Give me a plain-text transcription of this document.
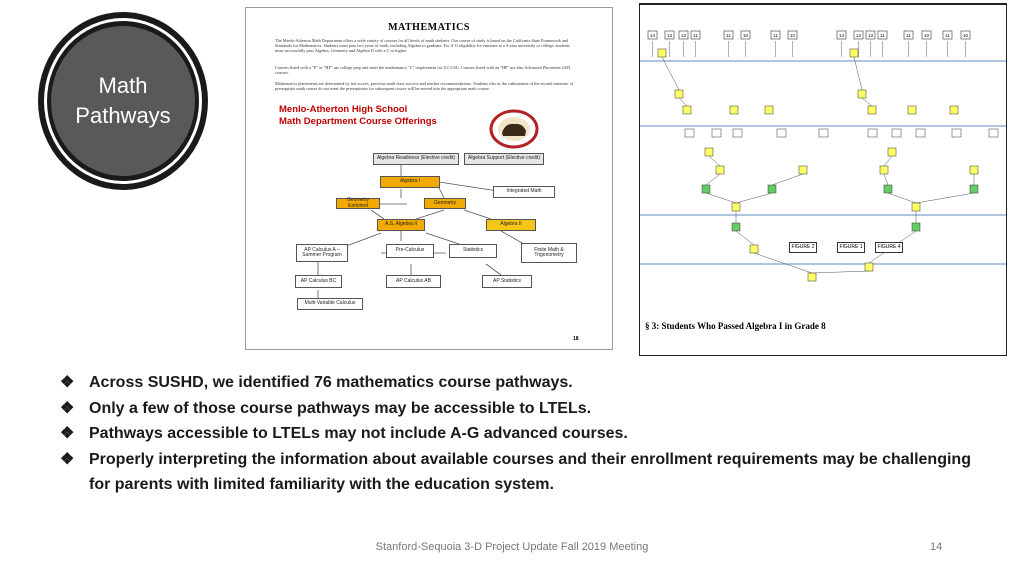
Math
Pathways
MATHEMATICS

The Menlo-Atherton Math Department offers a wide variety of courses for all levels of math students. Our course of study is based on the California State Framework and Standards for Mathematics. Students must pass two years of math, including Algebra to graduate. For A-G eligibility for entrance to a 4-year university or college, students must successfully pass Algebra, Geometry and Algebra II with a C or higher.

Courses listed with a "P" or "HP" are college prep and meet the mathematics "C" requirement for UC/CSU. Courses listed with an "HP" are also Advanced Placement (AP) courses.

Mathematics placements are determined by test scores, previous math class success and teacher recommendations. Students who at the culmination of the second semester of prerequisite math course do not meet the prerequisites for subsequent course will be moved into the appropriate math course.

Menlo-Atherton High School
Math Department Course Offerings
Algebra Readiness (Elective credit)	Algebra Support (Elective credit)
Algebra I
Integrated Math
Geometry Enriched	Geometry
A.S. Algebra II	Algebra II
AP Calculus A – Summer Program
Pre-Calculus	Statistics	Finite Math & Trigonometry
AP Calculus BC	AP Calculus AB	AP Statistics
Multi-Variable Calculus
18
14	13 13 11	11	10	11	10	14	13 13 11	11	10	11	10
FIGURE 2	FIGURE 1	FIGURE 4
§ 3: Students Who Passed Algebra I in Grade 8
❖ Across SUSHD, we identified 76 mathematics course pathways.
❖ Only a few of those course pathways may be accessible to LTELs.
❖ Pathways accessible to LTELs may not include A-G advanced courses.
❖ Properly interpreting the information about available courses and their enrollment requirements may be challenging for parents with limited familiarity with the education system.
Stanford-Sequoia 3-D Project Update Fall 2019 Meeting	14
